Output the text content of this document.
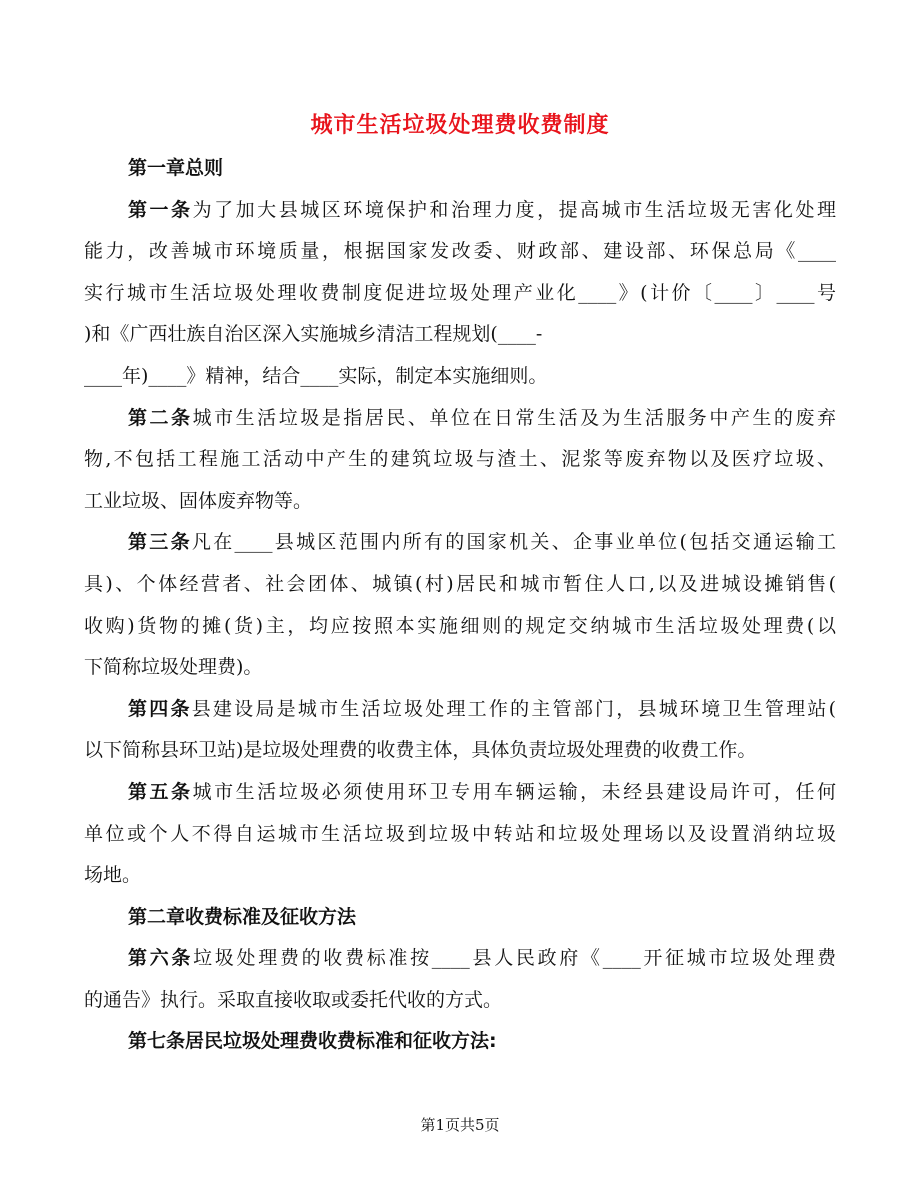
城市生活垃圾处理费收费制度
第一章总则
第一条为了加大县城区环境保护和治理力度，提高城市生活垃圾无害化处理
能力，改善城市环境质量，根据国家发改委、财政部、建设部、环保总局《____
实行城市生活垃圾处理收费制度促进垃圾处理产业化____》(计价〔____〕____号
)和《广西壮族自治区深入实施城乡清洁工程规划(____-
____年)____》精神，结合____实际，制定本实施细则。
第二条城市生活垃圾是指居民、单位在日常生活及为生活服务中产生的废弃
物,不包括工程施工活动中产生的建筑垃圾与渣土、泥浆等废弃物以及医疗垃圾、
工业垃圾、固体废弃物等。
第三条凡在____县城区范围内所有的国家机关、企事业单位(包括交通运输工
具)、个体经营者、社会团体、城镇(村)居民和城市暂住人口,以及进城设摊销售(
收购)货物的摊(货)主，均应按照本实施细则的规定交纳城市生活垃圾处理费(以
下简称垃圾处理费)。
第四条县建设局是城市生活垃圾处理工作的主管部门，县城环境卫生管理站(
以下简称县环卫站)是垃圾处理费的收费主体，具体负责垃圾处理费的收费工作。
第五条城市生活垃圾必须使用环卫专用车辆运输，未经县建设局许可，任何
单位或个人不得自运城市生活垃圾到垃圾中转站和垃圾处理场以及设置消纳垃圾
场地。
第二章收费标准及征收方法
第六条垃圾处理费的收费标准按____县人民政府《____开征城市垃圾处理费
的通告》执行。采取直接收取或委托代收的方式。
第七条居民垃圾处理费收费标准和征收方法:
第1页共5页
